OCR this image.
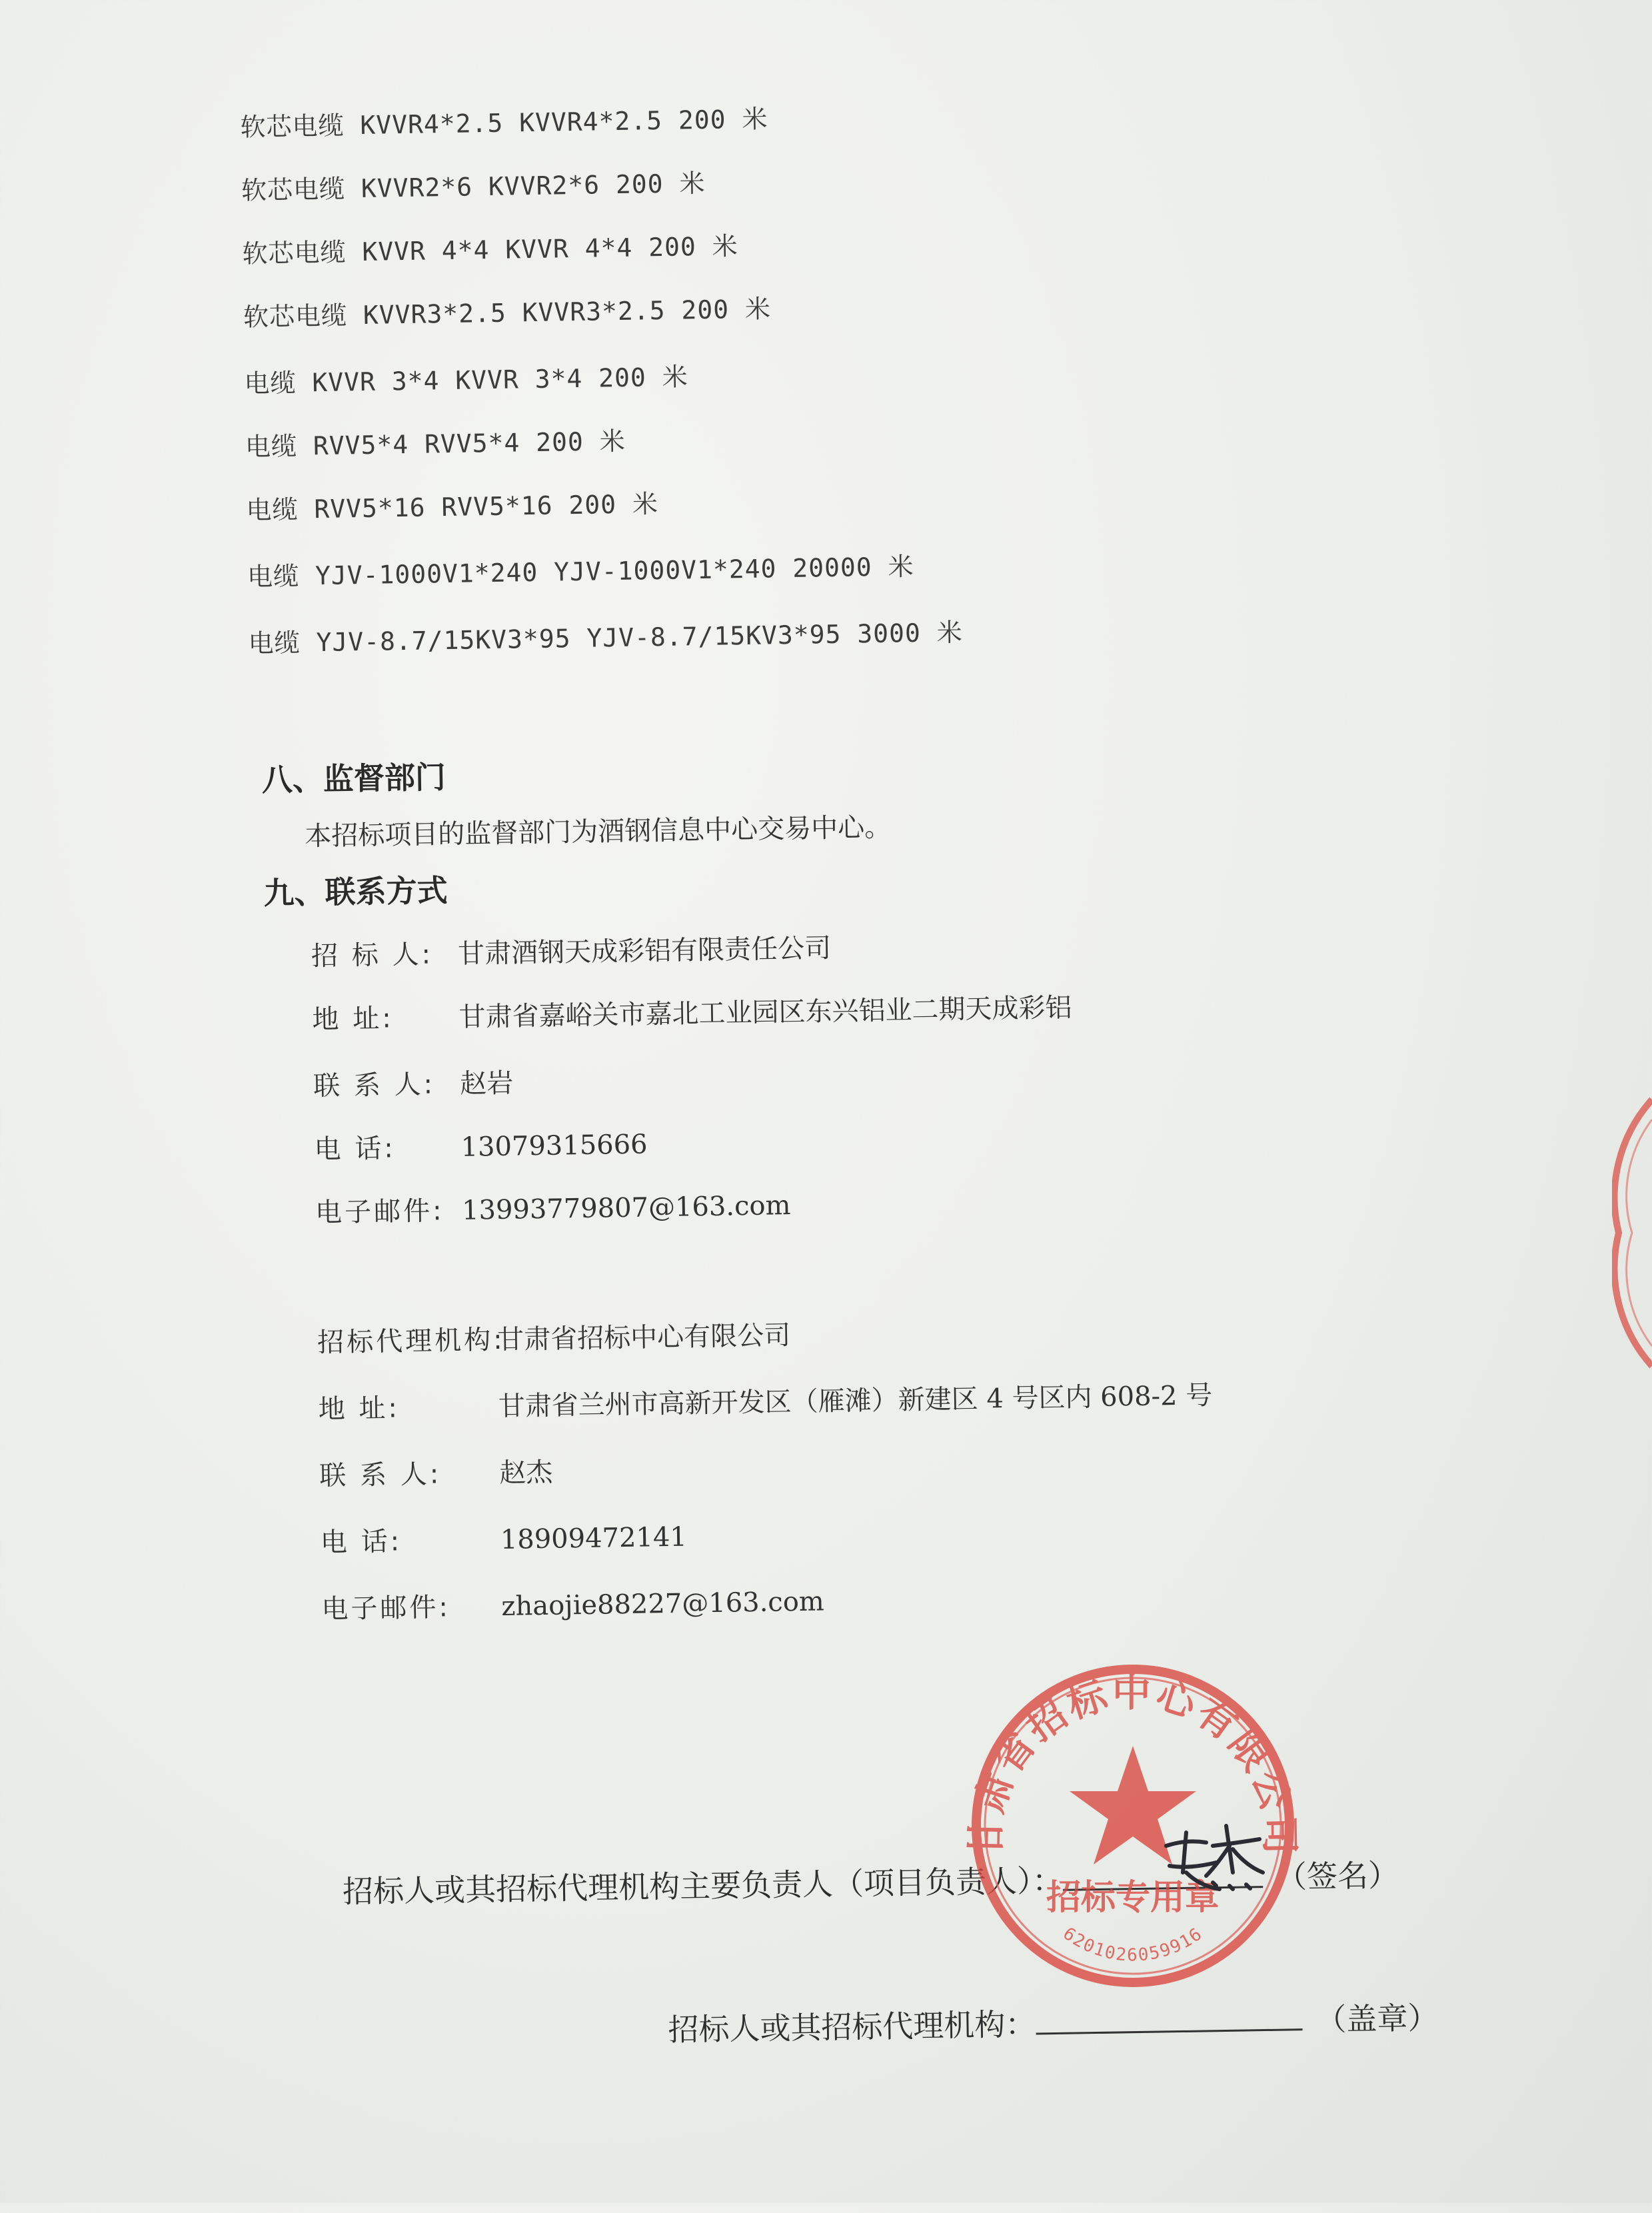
软芯电缆 KVVR4*2.5 KVVR4*2.5 200 米
软芯电缆 KVVR2*6 KVVR2*6 200 米
软芯电缆 KVVR 4*4 KVVR 4*4 200 米
软芯电缆 KVVR3*2.5 KVVR3*2.5 200 米
电缆 KVVR 3*4 KVVR 3*4 200 米
电缆 RVV5*4 RVV5*4 200 米
电缆 RVV5*16 RVV5*16 200 米
电缆 YJV-1000V1*240 YJV-1000V1*240 20000 米
电缆 YJV-8.7/15KV3*95 YJV-8.7/15KV3*95 3000 米
八、监督部门
本招标项目的监督部门为酒钢信息中心交易中心。
九、联系方式
招 标 人: 甘肃酒钢天成彩铝有限责任公司
地 址: 甘肃省嘉峪关市嘉北工业园区东兴铝业二期天成彩铝
联 系 人: 赵岩
电 话: 13079315666
电子邮件: 13993779807@163.com
招标代理机构:甘肃省招标中心有限公司
地 址:	甘肃省兰州市高新开发区（雁滩）新建区 4 号区内 608-2 号
联 系 人: 赵杰
电 话:	18909472141
电子邮件: zhaojie88227@163.com
招标人或其招标代理机构主要负责人（项目负责人）：	（签名）
招标人或其招标代理机构：	（盖章）
甘肃省招标中心有限公司
招标专用章
6201026059916
